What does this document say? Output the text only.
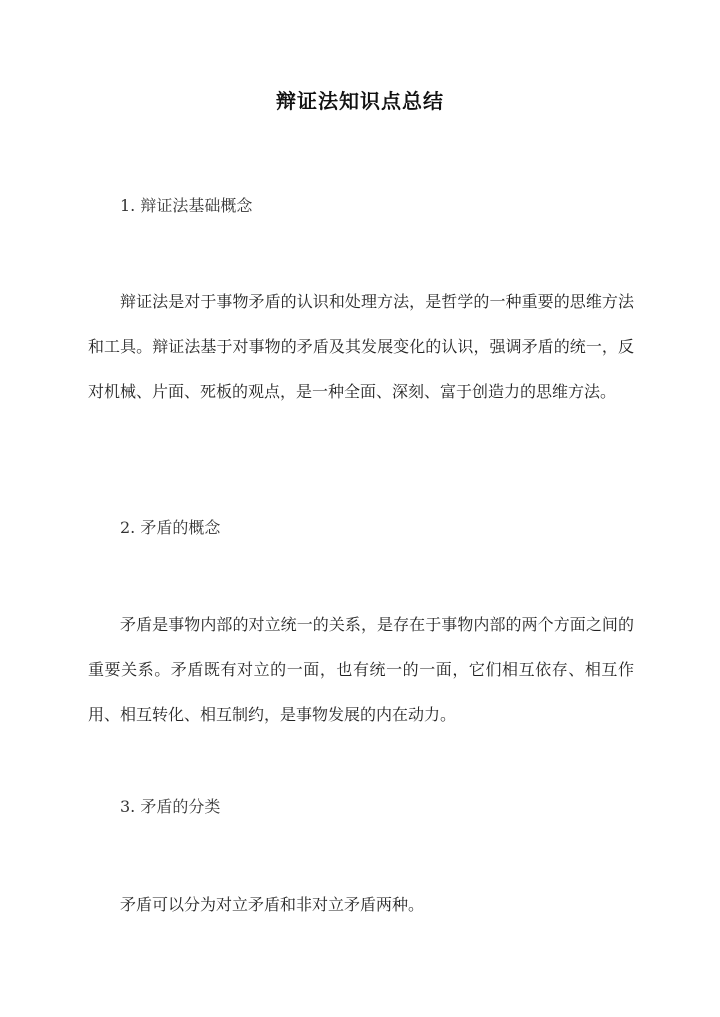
辩证法知识点总结
1. 辩证法基础概念
辩证法是对于事物矛盾的认识和处理方法，是哲学的一种重要的思维方法和工具。辩证法基于对事物的矛盾及其发展变化的认识，强调矛盾的统一，反对机械、片面、死板的观点，是一种全面、深刻、富于创造力的思维方法。
2. 矛盾的概念
矛盾是事物内部的对立统一的关系，是存在于事物内部的两个方面之间的重要关系。矛盾既有对立的一面，也有统一的一面，它们相互依存、相互作用、相互转化、相互制约，是事物发展的内在动力。
3. 矛盾的分类
矛盾可以分为对立矛盾和非对立矛盾两种。
